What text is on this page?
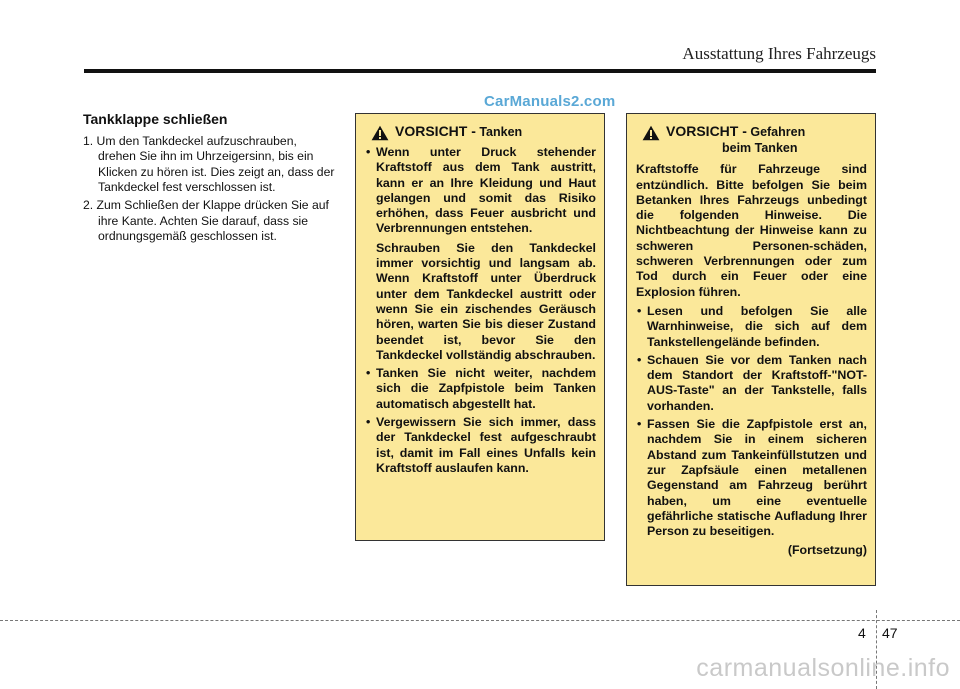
Ausstattung Ihres Fahrzeugs
CarManuals2.com
Tankklappe schließen
1. Um den Tankdeckel aufzuschrauben, drehen Sie ihn im Uhrzeigersinn, bis ein Klicken zu hören ist. Dies zeigt an, dass der Tankdeckel fest verschlossen ist.
2. Zum Schließen der Klappe drücken Sie auf ihre Kante. Achten Sie darauf, dass sie ordnungsgemäß geschlossen ist.
VORSICHT - Tanken
• Wenn unter Druck stehender Kraftstoff aus dem Tank austritt, kann er an Ihre Kleidung und Haut gelangen und somit das Risiko erhöhen, dass Feuer ausbricht und Verbrennungen entstehen.
Schrauben Sie den Tankdeckel immer vorsichtig und langsam ab. Wenn Kraftstoff unter Überdruck unter dem Tankdeckel austritt oder wenn Sie ein zischendes Geräusch hören, warten Sie bis dieser Zustand beendet ist, bevor Sie den Tankdeckel vollständig abschrauben.
• Tanken Sie nicht weiter, nachdem sich die Zapfpistole beim Tanken automatisch abgestellt hat.
• Vergewissern Sie sich immer, dass der Tankdeckel fest aufgeschraubt ist, damit im Fall eines Unfalls kein Kraftstoff auslaufen kann.
VORSICHT - Gefahren
beim Tanken
Kraftstoffe für Fahrzeuge sind entzündlich. Bitte befolgen Sie beim Betanken Ihres Fahrzeugs unbedingt die folgenden Hinweise. Die Nichtbeachtung der Hinweise kann zu schweren Personen-schäden, schweren Verbrennungen oder zum Tod durch ein Feuer oder eine Explosion führen.
• Lesen und befolgen Sie alle Warnhinweise, die sich auf dem Tankstellengelände befinden.
• Schauen Sie vor dem Tanken nach dem Standort der Kraftstoff-"NOT-AUS-Taste" an der Tankstelle, falls vorhanden.
• Fassen Sie die Zapfpistole erst an, nachdem Sie in einem sicheren Abstand zum Tankeinfüllstutzen und zur Zapfsäule einen metallenen Gegenstand am Fahrzeug berührt haben, um eine eventuelle gefährliche statische Aufladung Ihrer Person zu beseitigen.
(Fortsetzung)
4 47
carmanualsonline.info
